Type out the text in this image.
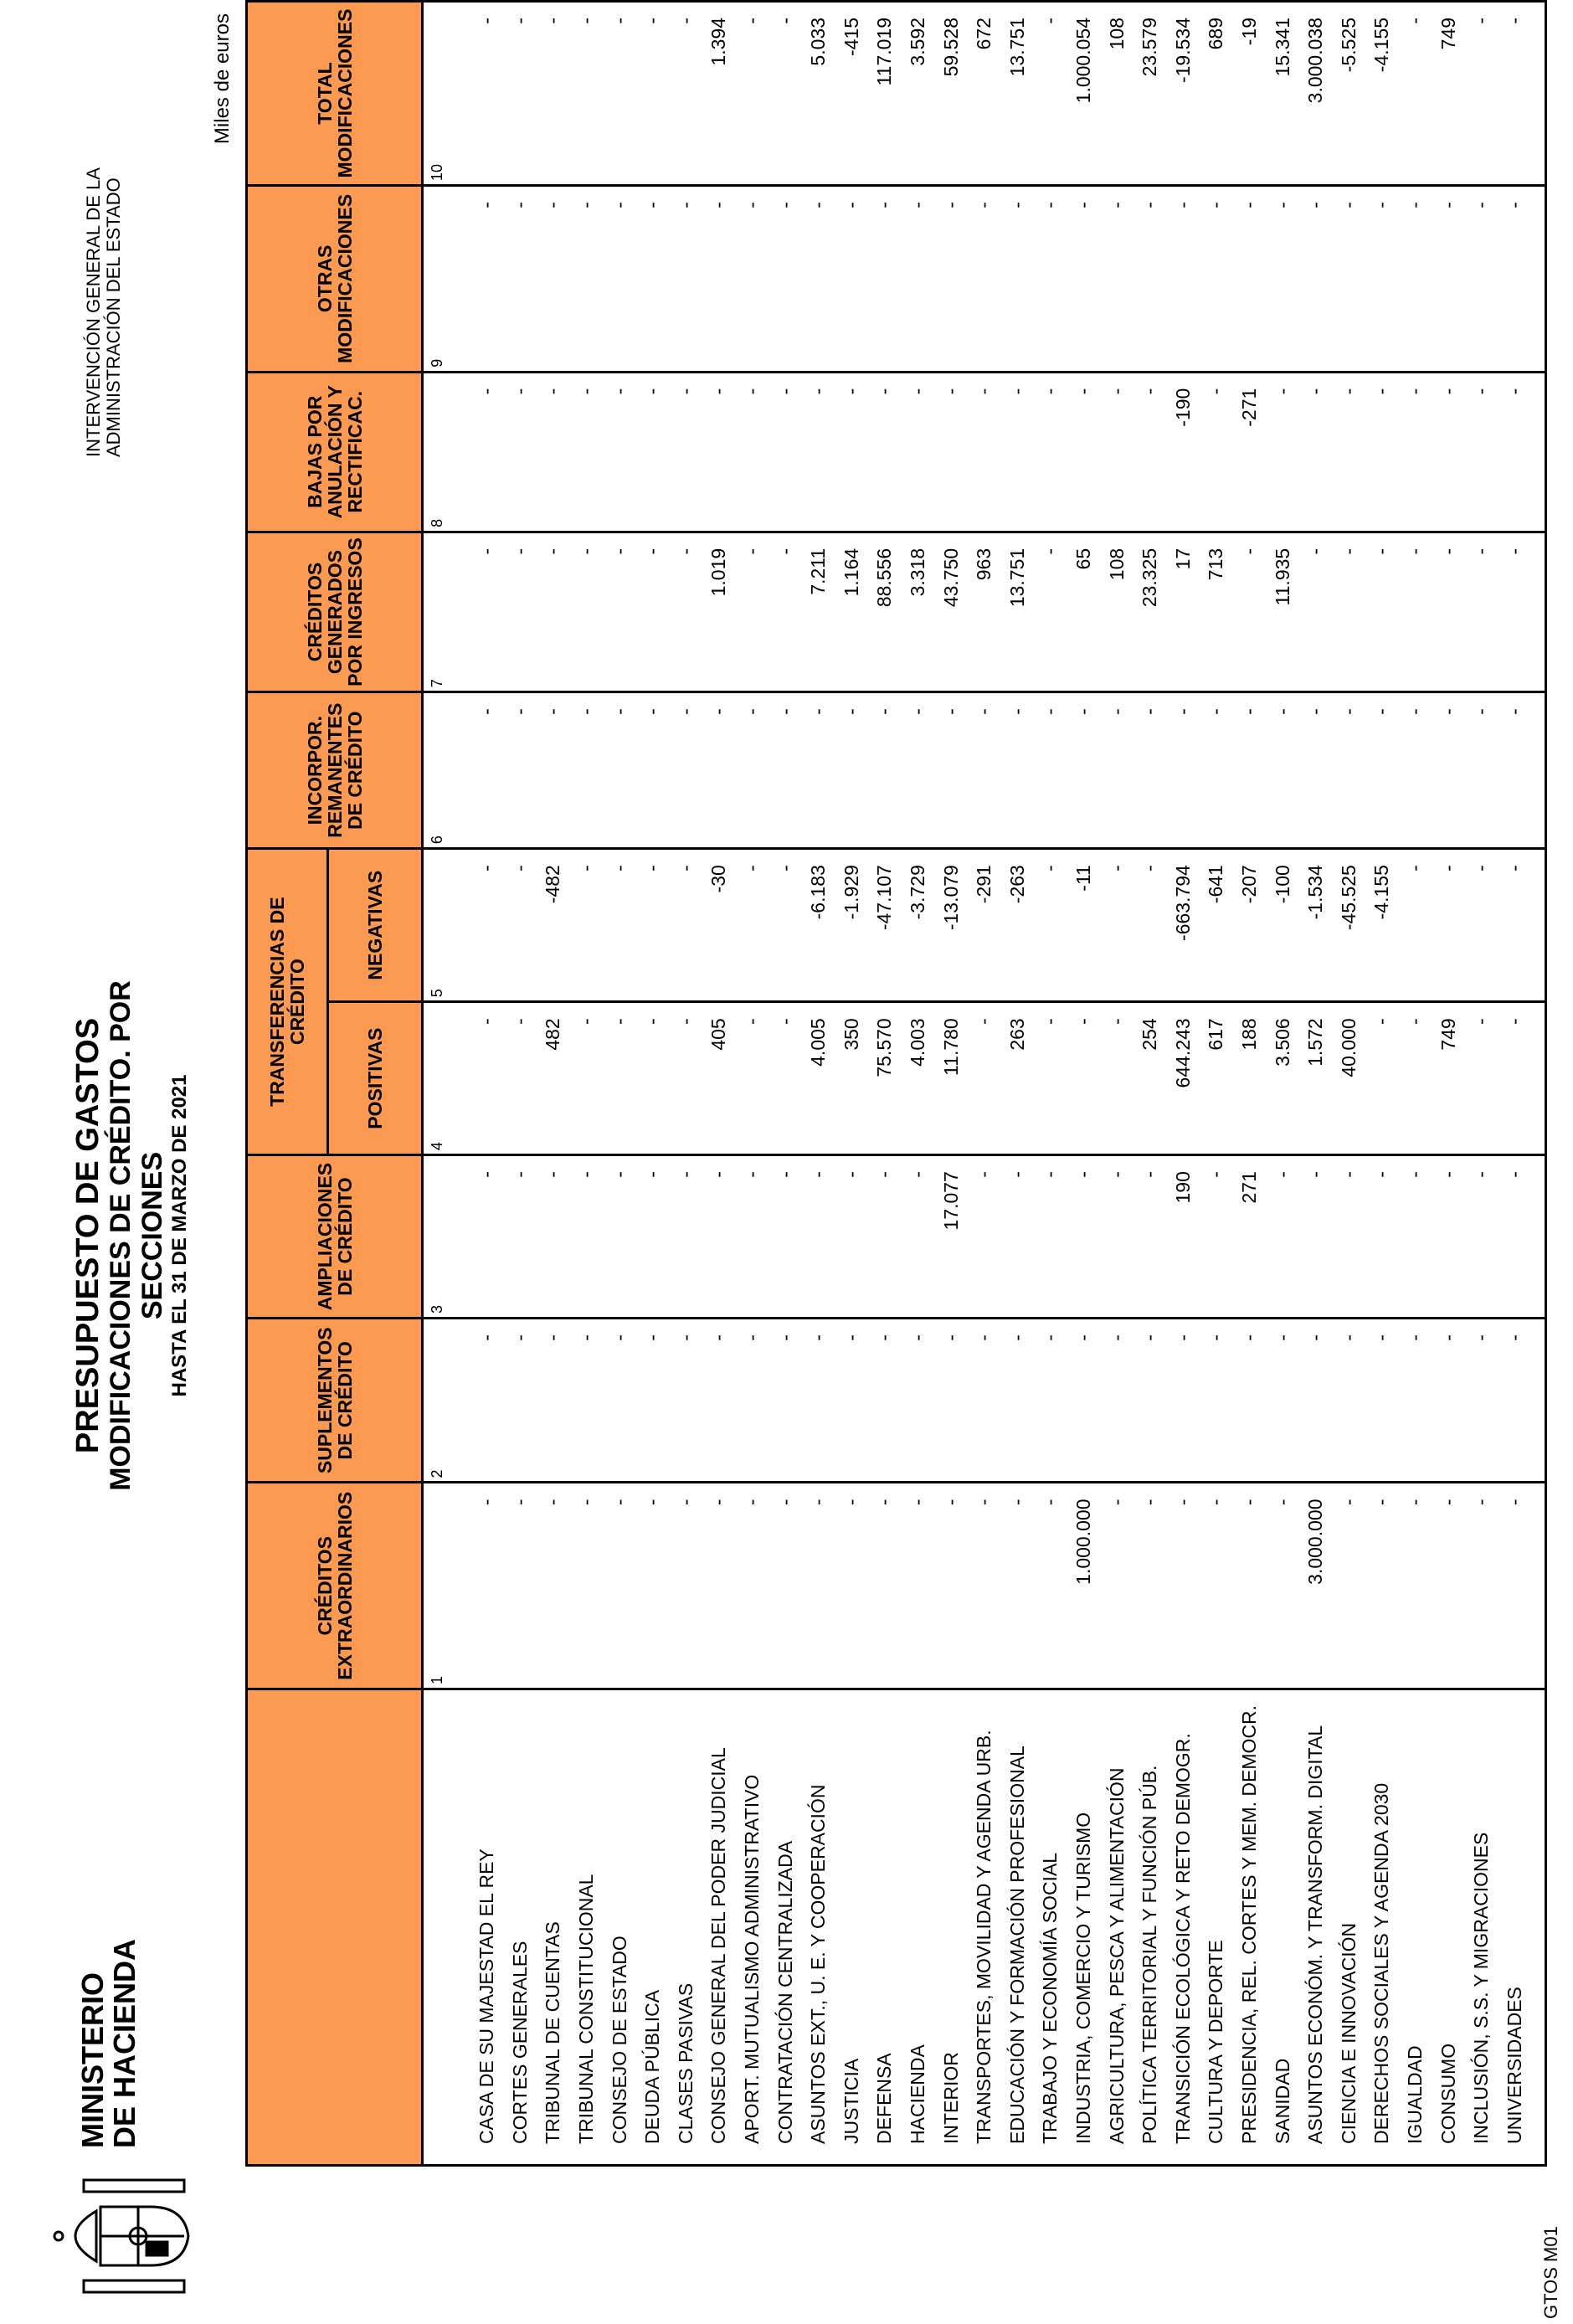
MINISTERIO
DE HACIENDA
PRESUPUESTO DE GASTOS MODIFICACIONES DE CRÉDITO. POR SECCIONES HASTA EL 31 DE MARZO DE 2021
INTERVENCIÓN GENERAL DE LA ADMINISTRACIÓN DEL ESTADO
Miles de euros
GTOS M01
	CRÉDITOS EXTRAORDINARIOS	SUPLEMENTOS DE CRÉDITO	AMPLIACIONES DE CRÉDITO	TRANSFERENCIAS DE CRÉDITO		INCORPOR. REMANENTES DE CRÉDITO	CRÉDITOS GENERADOS POR INGRESOS	BAJAS POR ANULACIÓN Y RECTIFICAC.	OTRAS MODIFICACIONES	TOTAL MODIFICACIONES
				POSITIVAS	NEGATIVAS					
	1	2	3	4	5	6	7	8	9	10
CASA DE SU MAJESTAD EL REY	-	-	-	-	-	-	-	-	-	-
CORTES GENERALES	-	-	-	-	-	-	-	-	-	-
TRIBUNAL DE CUENTAS	-	-	-	482	-482	-	-	-	-	-
TRIBUNAL CONSTITUCIONAL	-	-	-	-	-	-	-	-	-	-
CONSEJO DE ESTADO	-	-	-	-	-	-	-	-	-	-
DEUDA PÚBLICA	-	-	-	-	-	-	-	-	-	-
CLASES PASIVAS	-	-	-	-	-	-	-	-	-	-
CONSEJO GENERAL DEL PODER JUDICIAL	-	-	-	405	-30	-	1.019	-	-	1.394
APORT. MUTUALISMO ADMINISTRATIVO	-	-	-	-	-	-	-	-	-	-
CONTRATACIÓN CENTRALIZADA	-	-	-	-	-	-	-	-	-	-
ASUNTOS EXT., U. E. Y COOPERACIÓN	-	-	-	4.005	-6.183	-	7.211	-	-	5.033
JUSTICIA	-	-	-	350	-1.929	-	1.164	-	-	-415
DEFENSA	-	-	-	75.570	-47.107	-	88.556	-	-	117.019
HACIENDA	-	-	-	4.003	-3.729	-	3.318	-	-	3.592
INTERIOR	-	-	17.077	11.780	-13.079	-	43.750	-	-	59.528
TRANSPORTES, MOVILIDAD Y AGENDA URB.	-	-	-	-	-291	-	963	-	-	672
EDUCACIÓN Y FORMACIÓN PROFESIONAL	-	-	-	263	-263	-	13.751	-	-	13.751
TRABAJO Y ECONOMÍA SOCIAL	-	-	-	-	-	-	-	-	-	-
INDUSTRIA, COMERCIO Y TURISMO	1.000.000	-	-	-	-11	-	65	-	-	1.000.054
AGRICULTURA, PESCA Y ALIMENTACIÓN	-	-	-	-	-	-	108	-	-	108
POLÍTICA TERRITORIAL Y FUNCIÓN PÚB.	-	-	-	254	-	-	23.325	-	-	23.579
TRANSICIÓN ECOLÓGICA Y RETO DEMOGR.	-	-	190	644.243	-663.794	-	17	-190	-	-19.534
CULTURA Y DEPORTE	-	-	-	617	-641	-	713	-	-	689
PRESIDENCIA, REL. CORTES Y MEM. DEMOCR.	-	-	271	188	-207	-	-	-271	-	-19
SANIDAD	-	-	-	3.506	-100	-	11.935	-	-	15.341
ASUNTOS ECONÓM. Y TRANSFORM. DIGITAL	3.000.000	-	-	1.572	-1.534	-	-	-	-	3.000.038
CIENCIA E INNOVACIÓN	-	-	-	40.000	-45.525	-	-	-	-	-5.525
DERECHOS SOCIALES Y AGENDA 2030	-	-	-	-	-4.155	-	-	-	-	-4.155
IGUALDAD	-	-	-	-	-	-	-	-	-	-
CONSUMO	-	-	-	749	-	-	-	-	-	749
INCLUSIÓN, S.S. Y MIGRACIONES	-	-	-	-	-	-	-	-	-	-
UNIVERSIDADES	-	-	-	-	-	-	-	-	-	-
